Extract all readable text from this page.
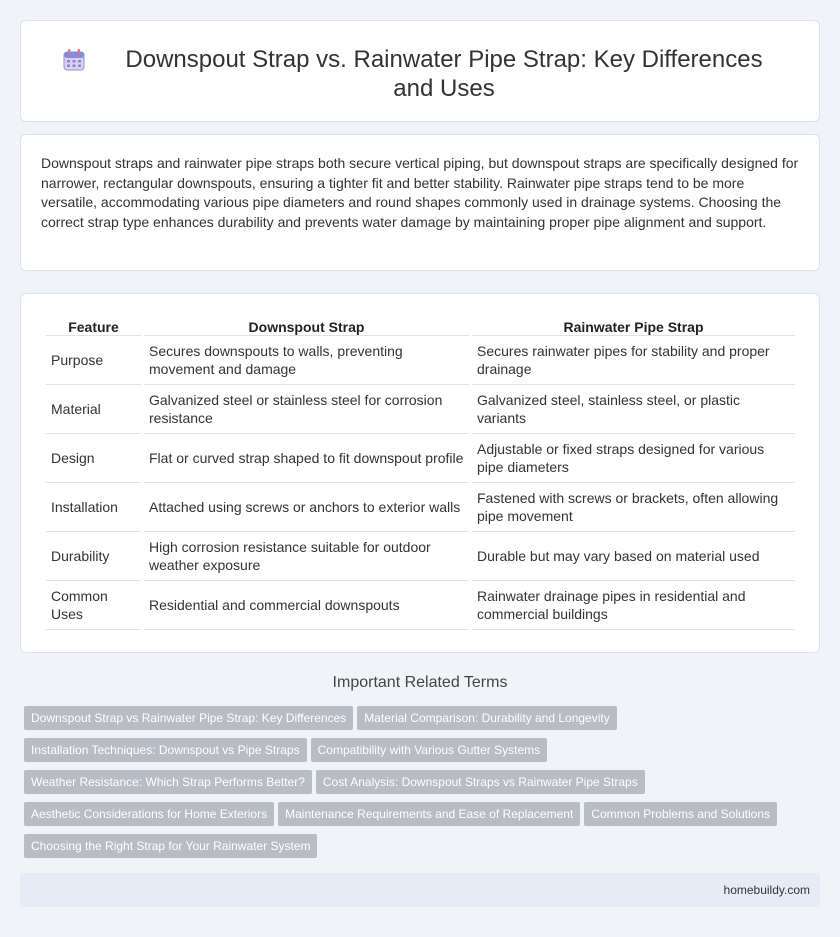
Downspout Strap vs. Rainwater Pipe Strap: Key Differences and Uses

Downspout straps and rainwater pipe straps both secure vertical piping, but downspout straps are specifically designed for narrower, rectangular downspouts, ensuring a tighter fit and better stability. Rainwater pipe straps tend to be more versatile, accommodating various pipe diameters and round shapes commonly used in drainage systems. Choosing the correct strap type enhances durability and prevents water damage by maintaining proper pipe alignment and support.

Feature	Downspout Strap	Rainwater Pipe Strap
Purpose	Secures downspouts to walls, preventing movement and damage	Secures rainwater pipes for stability and proper drainage
Material	Galvanized steel or stainless steel for corrosion resistance	Galvanized steel, stainless steel, or plastic variants
Design	Flat or curved strap shaped to fit downspout profile	Adjustable or fixed straps designed for various pipe diameters
Installation	Attached using screws or anchors to exterior walls	Fastened with screws or brackets, often allowing pipe movement
Durability	High corrosion resistance suitable for outdoor weather exposure	Durable but may vary based on material used
Common Uses	Residential and commercial downspouts	Rainwater drainage pipes in residential and commercial buildings
Important Related Terms
Downspout Strap vs Rainwater Pipe Strap: Key Differences Material Comparison: Durability and Longevity
Installation Techniques: Downspout vs Pipe Straps Compatibility with Various Gutter Systems
Weather Resistance: Which Strap Performs Better? Cost Analysis: Downspout Straps vs Rainwater Pipe Straps
Aesthetic Considerations for Home Exteriors Maintenance Requirements and Ease of Replacement Common Problems and Solutions
Choosing the Right Strap for Your Rainwater System
homebuildy.com
